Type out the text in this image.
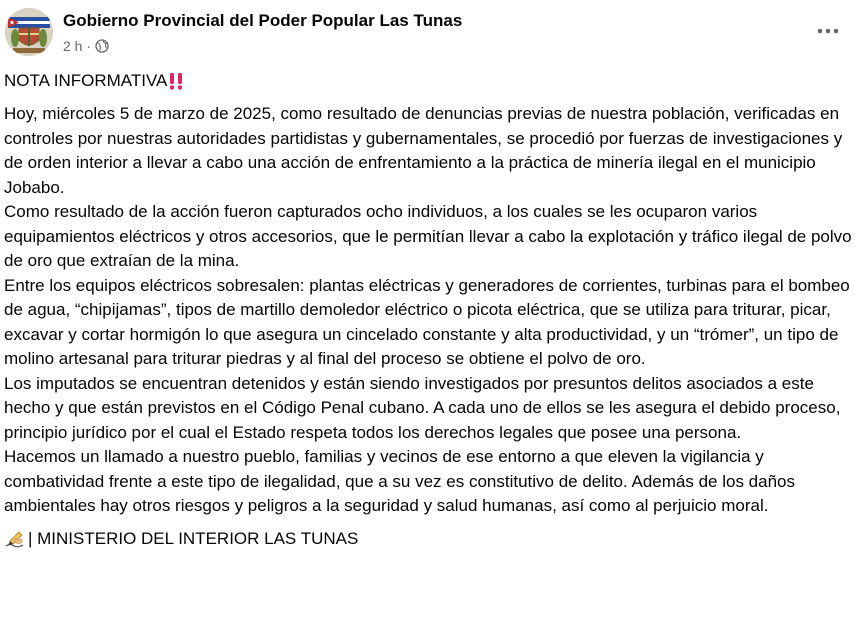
Gobierno Provincial del Poder Popular Las Tunas
2 h ·
NOTA INFORMATIVA
Hoy, miércoles 5 de marzo de 2025, como resultado de denuncias previas de nuestra población, verificadas en controles por nuestras autoridades partidistas y gubernamentales, se procedió por fuerzas de investigaciones y de orden interior a llevar a cabo una acción de enfrentamiento a la práctica de minería ilegal en el municipio Jobabo.
Como resultado de la acción fueron capturados ocho individuos, a los cuales se les ocuparon varios equipamientos eléctricos y otros accesorios, que le permitían llevar a cabo la explotación y tráfico ilegal de polvo de oro que extraían de la mina.
Entre los equipos eléctricos sobresalen: plantas eléctricas y generadores de corrientes, turbinas para el bombeo de agua, “chipijamas”, tipos de martillo demoledor eléctrico o picota eléctrica, que se utiliza para triturar, picar, excavar y cortar hormigón lo que asegura un cincelado constante y alta productividad, y un “trómer”, un tipo de molino artesanal para triturar piedras y al final del proceso se obtiene el polvo de oro.
Los imputados se encuentran detenidos y están siendo investigados por presuntos delitos asociados a este hecho y que están previstos en el Código Penal cubano. A cada uno de ellos se les asegura el debido proceso, principio jurídico por el cual el Estado respeta todos los derechos legales que posee una persona.
Hacemos un llamado a nuestro pueblo, familias y vecinos de ese entorno a que eleven la vigilancia y combatividad frente a este tipo de ilegalidad, que a su vez es constitutivo de delito. Además de los daños ambientales hay otros riesgos y peligros a la seguridad y salud humanas, así como al perjuicio moral.
| MINISTERIO DEL INTERIOR LAS TUNAS
